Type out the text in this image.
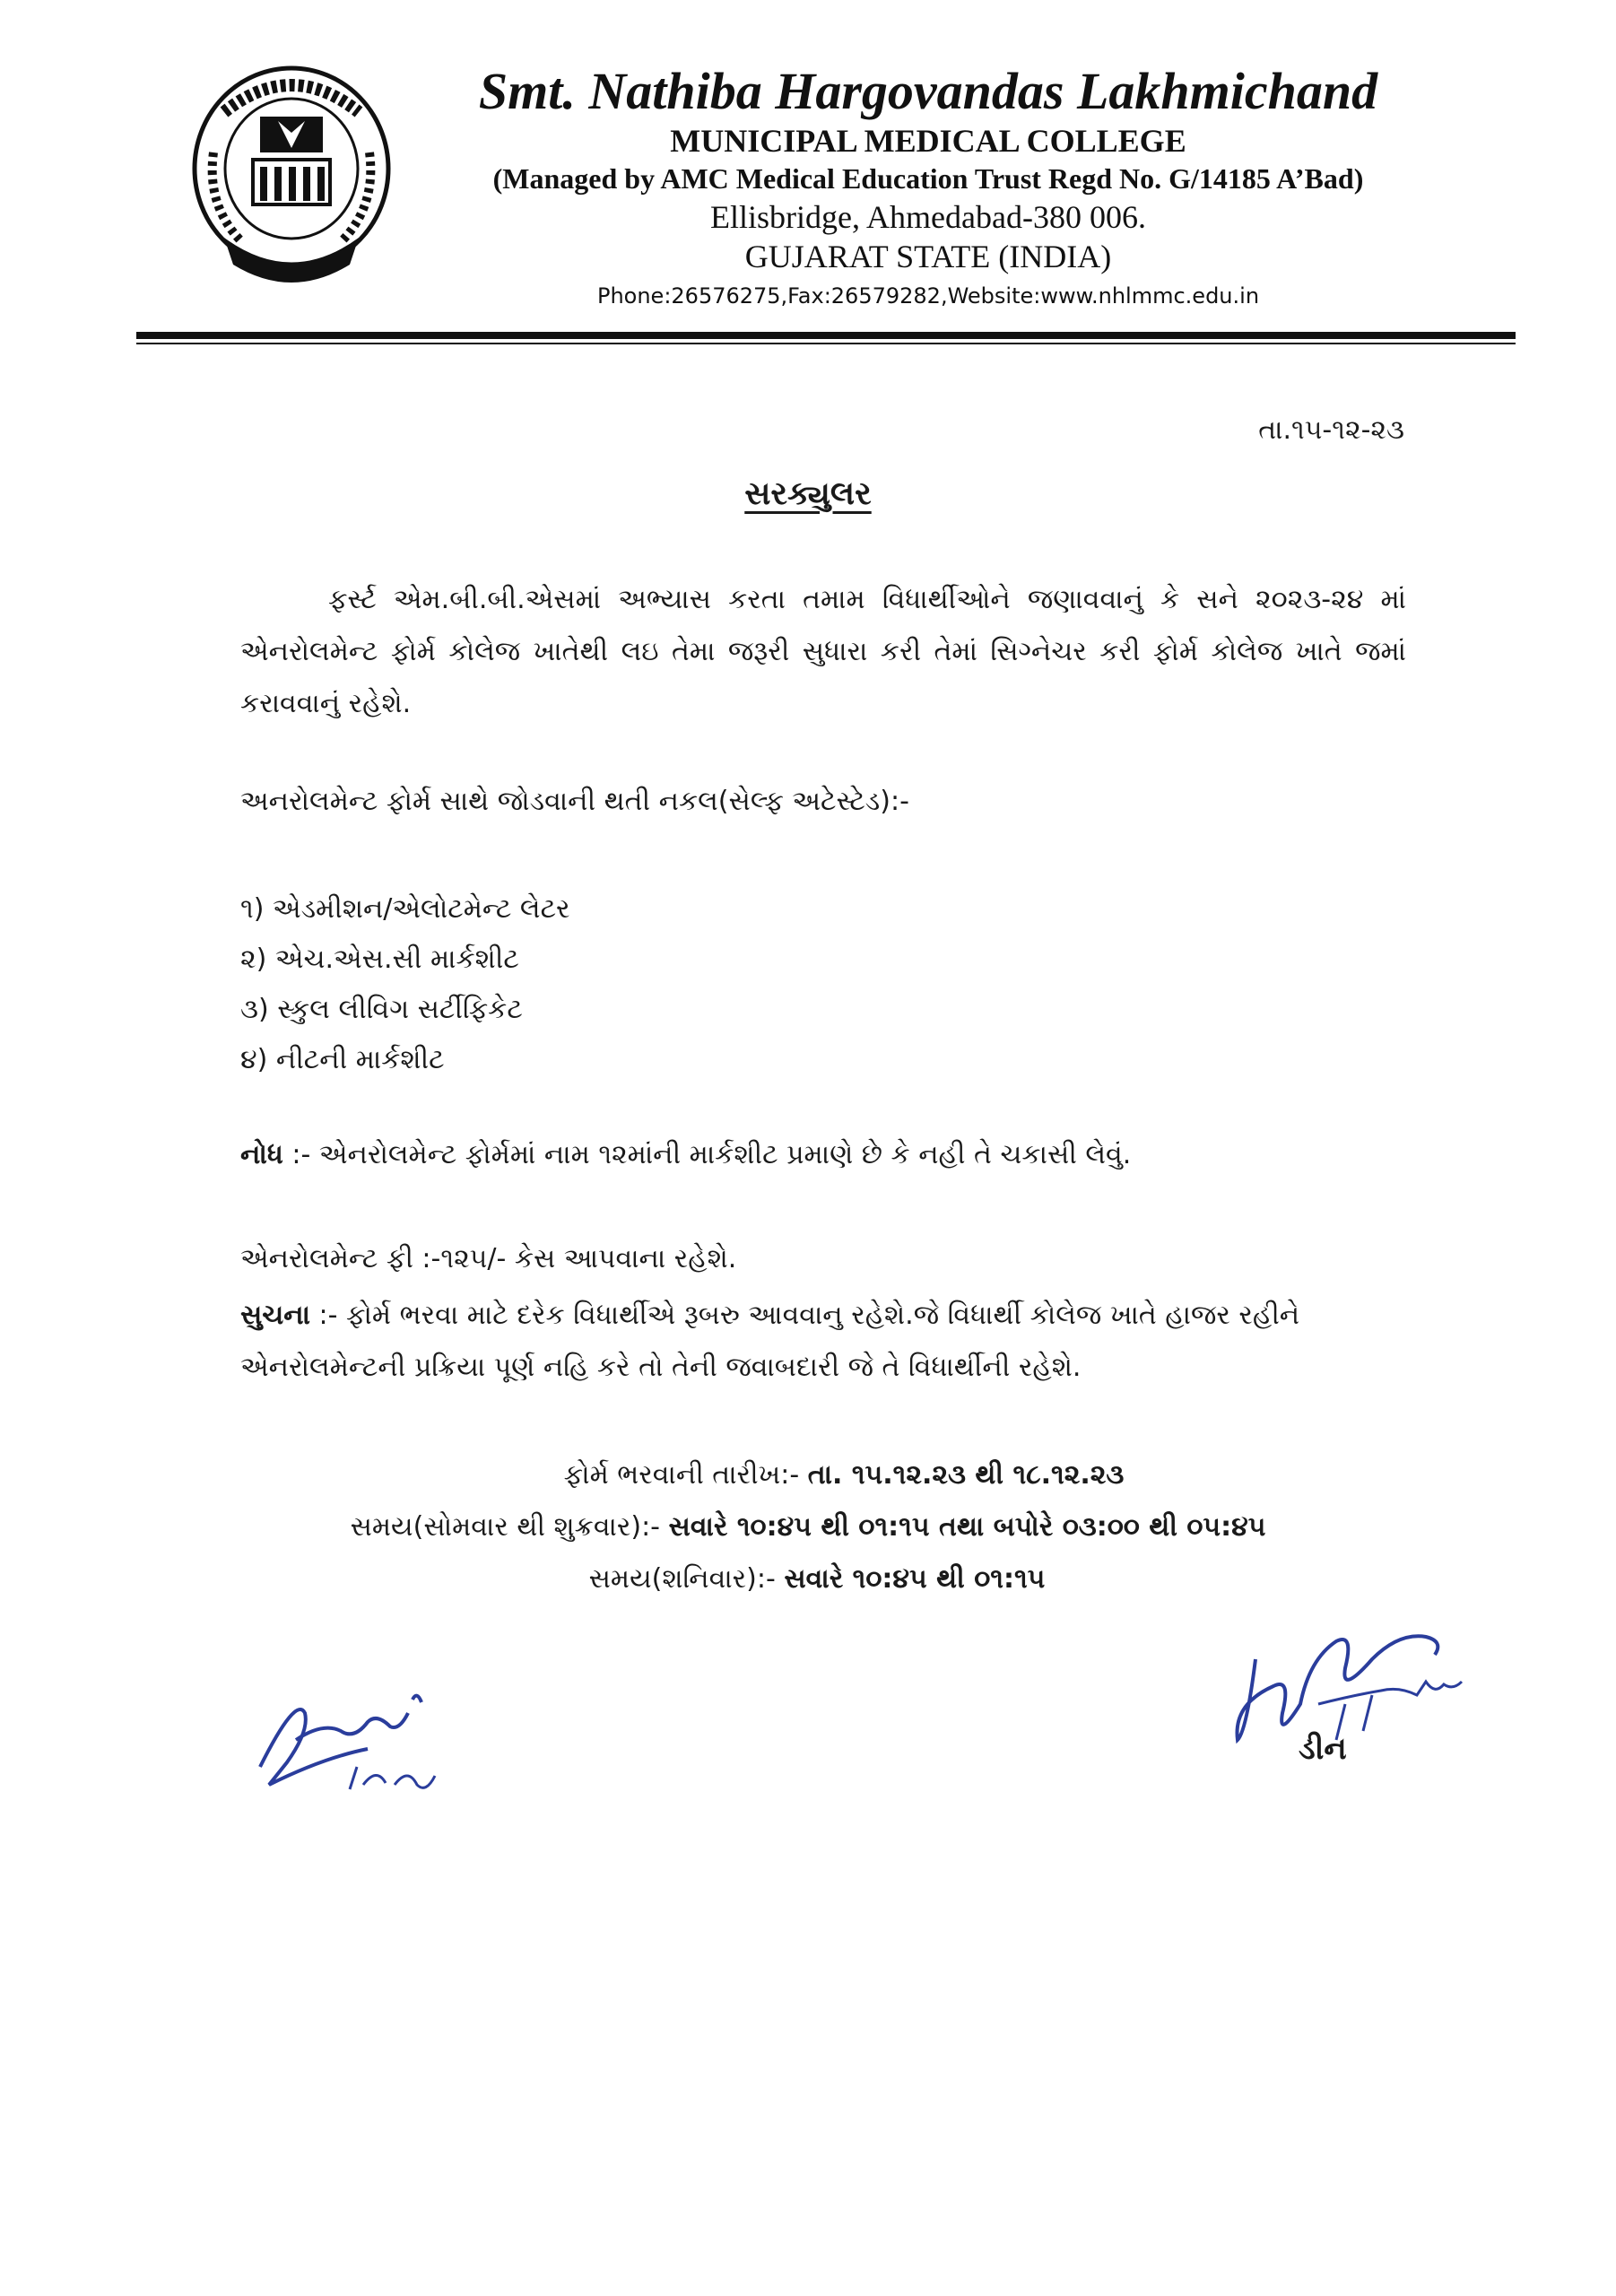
Smt. Nathiba Hargovandas Lakhmichand
MUNICIPAL MEDICAL COLLEGE
(Managed by AMC Medical Education Trust Regd No. G/14185 A’Bad)
Ellisbridge, Ahmedabad-380 006.
GUJARAT STATE (INDIA)
Phone:26576275,Fax:26579282,Website:www.nhlmmc.edu.in
તા.૧૫-૧૨-૨૩
સરક્યુલર
ફર્સ્ટ એમ.બી.બી.એસમાં અભ્યાસ કરતા તમામ વિધાર્થીઓને જણાવવાનું કે સને ૨૦૨૩-૨૪ માં એનરોલમેન્ટ ફોર્મ કોલેજ ખાતેથી લઇ તેમા જરૂરી સુધારા કરી તેમાં સિગ્નેચર કરી ફોર્મ કોલેજ ખાતે જમાં કરાવવાનું રહેશે.
અનરોલમેન્ટ ફોર્મ સાથે જોડવાની થતી નકલ(સેલ્ફ અટેસ્ટેડ):-
૧) એડમીશન/એલોટમેન્ટ લેટર
૨) એચ.એસ.સી માર્કશીટ
૩) સ્કુલ લીવિગ સર્ટીફિકેટ
૪) નીટની માર્કશીટ
નોધ :- એનરોલમેન્ટ ફોર્મમાં નામ ૧૨માંની માર્કશીટ પ્રમાણે છે કે નહી તે ચકાસી લેવું.
એનરોલમેન્ટ ફી :-૧૨૫/- કેસ આપવાના રહેશે.
સુચના :- ફોર્મ ભરવા માટે દરેક વિધાર્થીએ રૂબરુ આવવાનુ રહેશે.જે વિધાર્થી કોલેજ ખાતે હાજર રહીને એનરોલમેન્ટની પ્રક્રિયા પૂર્ણ નહિ કરે તો તેની જવાબદારી જે તે વિધાર્થીની રહેશે.
ફોર્મ ભરવાની તારીખ:- તા. ૧૫.૧૨.૨૩ થી ૧૮.૧૨.૨૩
સમય(સોમવાર થી શુક્રવાર):- સવારે ૧૦:૪૫ થી ૦૧:૧૫ તથા બપોરે ૦૩:૦૦ થી ૦૫:૪૫
સમય(શનિવાર):- સવારે ૧૦:૪૫ થી ૦૧:૧૫
ડીન
